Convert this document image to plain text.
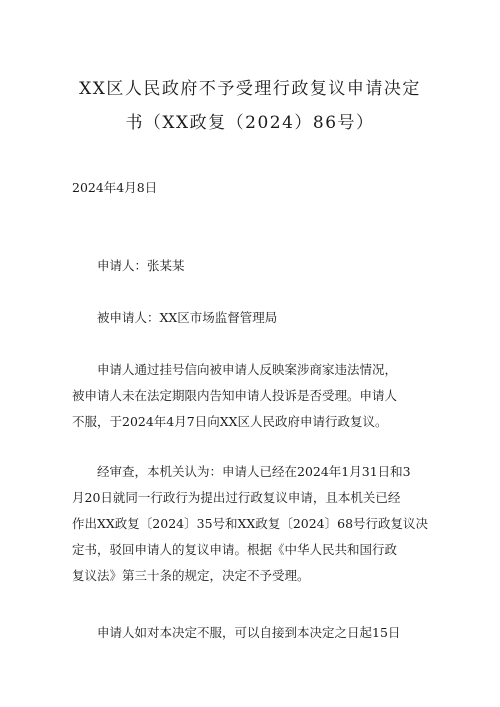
XX区人民政府不予受理行政复议申请决定
书（XX政复（2024）86号）
2024年4月8日

申请人：张某某

被申请人：XX区市场监督管理局

申请人通过挂号信向被申请人反映案涉商家违法情况，
被申请人未在法定期限内告知申请人投诉是否受理。申请人
不服，于2024年4月7日向XX区人民政府申请行政复议。

经审查，本机关认为：申请人已经在2024年1月31日和3
月20日就同一行政行为提出过行政复议申请，且本机关已经
作出XX政复〔2024〕35号和XX政复〔2024〕68号行政复议决
定书，驳回申请人的复议申请。根据《中华人民共和国行政
复议法》第三十条的规定，决定不予受理。

申请人如对本决定不服，可以自接到本决定之日起15日
